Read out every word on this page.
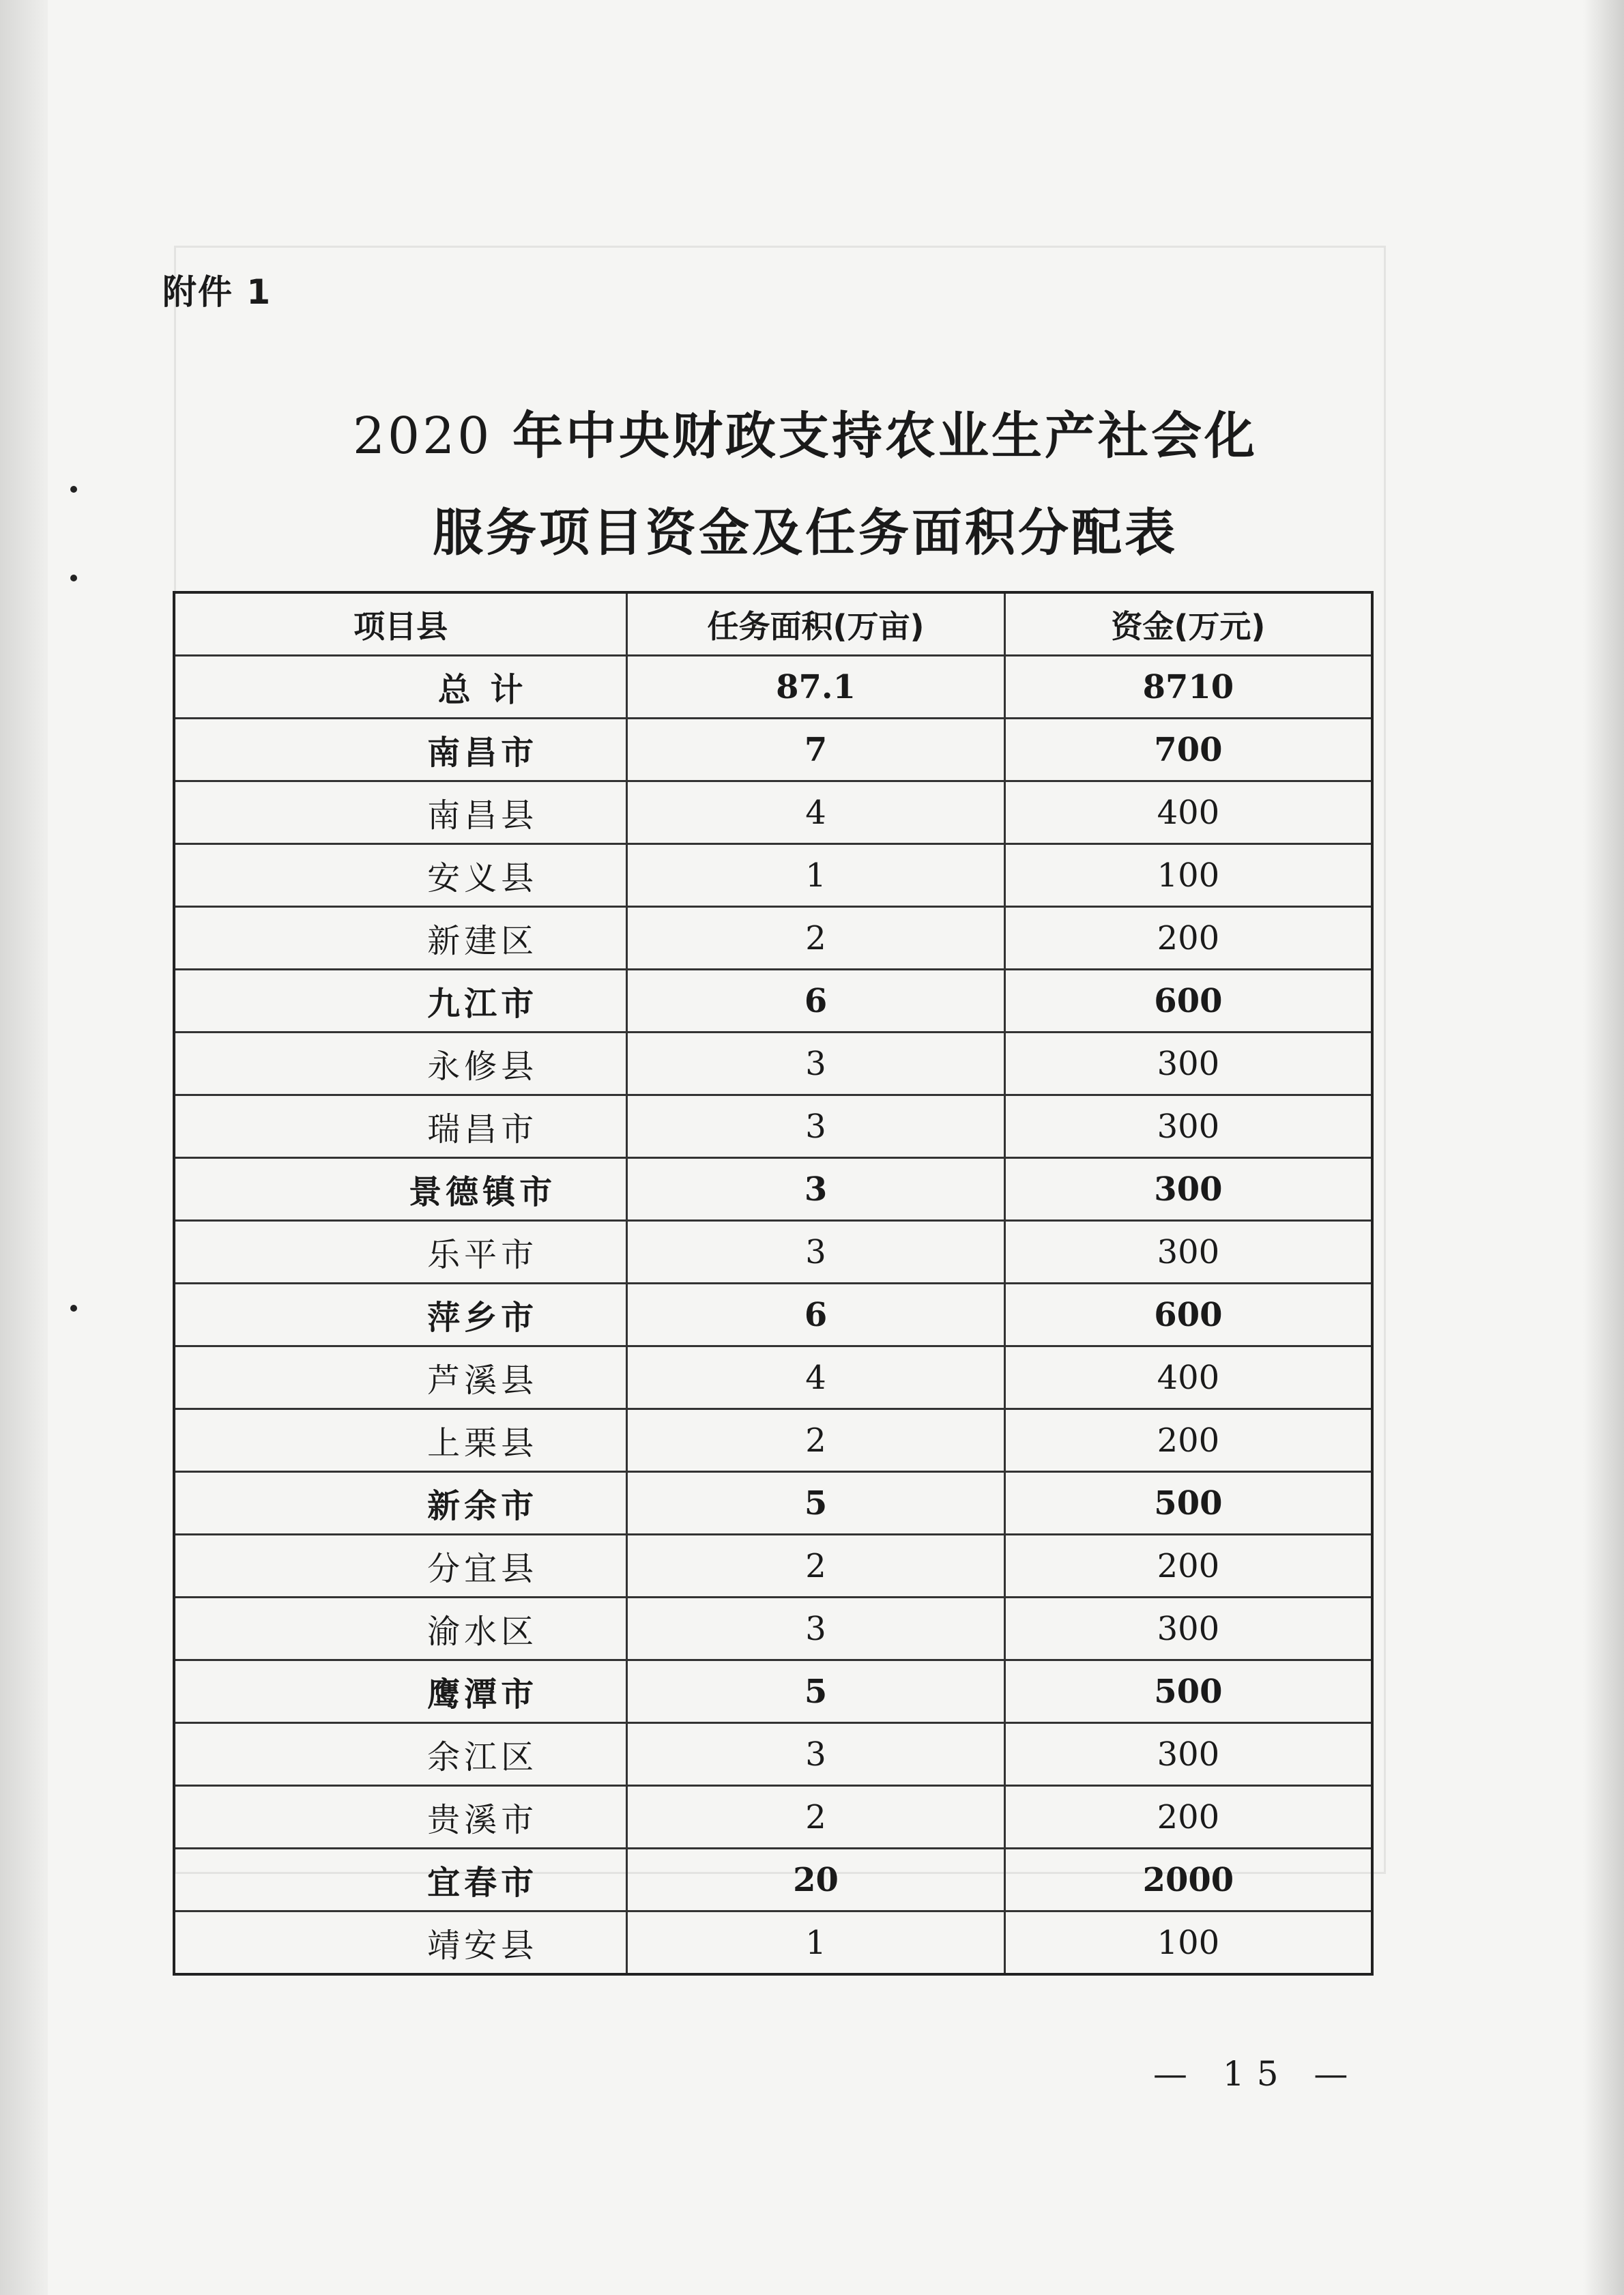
附件 1
2020 年中央财政支持农业生产社会化
服务项目资金及任务面积分配表
项目县	任务面积(万亩)	资金(万元)
总 计	87.1	8710
南昌市	7	700
南昌县	4	400
安义县	1	100
新建区	2	200
九江市	6	600
永修县	3	300
瑞昌市	3	300
景德镇市	3	300
乐平市	3	300
萍乡市	6	600
芦溪县	4	400
上栗县	2	200
新余市	5	500
分宜县	2	200
渝水区	3	300
鹰潭市	5	500
余江区	3	300
贵溪市	2	200
宜春市	20	2000
靖安县	1	100
— 15 —
